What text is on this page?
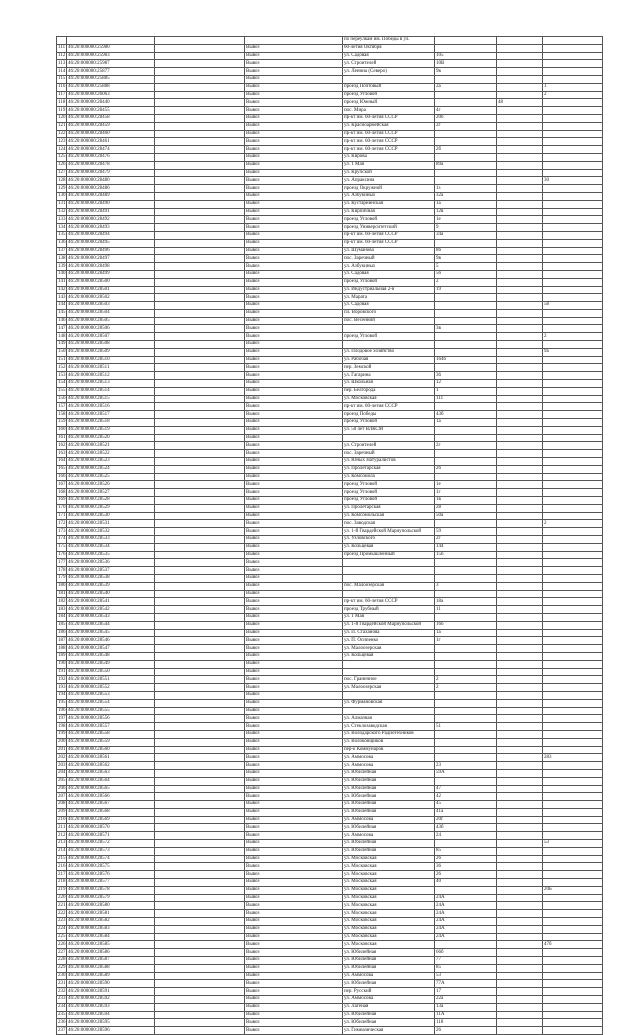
				по переулкам им. Победы в ул.			
111	46:20:000000:25980		Вывоз	60-летия Октября			
112	46:20:000000:25983		Вывоз	ул. Садовая	105		
113	46:20:000000:25987		Вывоз	ул. Строителей	10В		
114	46:20:000000:25877		Вывоз	ул. Ленина (Северо)	9в		
115	46:20:000000:25885		Вывоз				
116	46:20:000000:25888		Вывоз	проезд Почтовый	2а		1
117	46:20:000000:26063		Вывоз	проезд Угловой			2
118	46:20:000000:28440		Вывоз	проезд Южный		48	
119	46:20:000000:28455		Вывоз	пос. Мира	4г		
120	46:20:000000:28458		Вывоз	пр-кт им. 60-летия СССР	20б		
121	46:20:000000:28459		Вывоз	ул. Красноармейская	2г		
122	46:20:000000:28460		Вывоз	пр-кт им. 60-летия СССР			
123	46:20:000000:28461		Вывоз	пр-кт им. 60-летия СССР			
124	46:20:000000:28474		Вывоз	пр-кт им. 60-летия СССР	2б		
125	46:20:000000:28476		Вывоз	ул. Кирова			
126	46:20:000000:28478		Вывоз	ул. 1 Мая	89а		
127	46:20:000000:28479		Вывоз	ул. Крупской			
128	46:20:000000:28480		Вывоз	ул. Апраксина			30
129	46:20:000000:28486		Вывоз	проезд Окружной	1з		
130	46:20:000000:28489		Вывоз	ул. Азбукиных	32а		
131	46:20:000000:28490		Вывоз	ул. Кустарнинская	1а		
132	46:20:000000:28491		Вывоз	ул. Кирпичная	12в		
133	46:20:000000:28492		Вывоз	проезд Угловой	1е		
134	46:20:000000:28493		Вывоз	проезд Университетский	9		
135	46:20:000000:28494		Вывоз	пр-кт им. 60-летия СССР	34а		
136	46:20:000000:28495		Вывоз	пр-кт им. 60-летия СССР			
137	46:20:000000:28496		Вывоз	ул. Шуманова	86		
138	46:20:000000:28497		Вывоз	пос. Заречный	9в		
139	46:20:000000:28498		Вывоз	ул. Азбукиных	5		
140	46:20:000000:28499		Вывоз	ул. Садовая	56		
141	46:20:000000:28500		Вывоз	проезд Угловой	2		
142	46:20:000000:28501		Вывоз	ул. Индустриальная 2-я	19		
143	46:20:000000:28502		Вывоз	ул. Марата			
144	46:20:000000:28503		Вывоз	ул. Садовая			58
145	46:20:000000:28504		Вывоз	пл. Воровского			
146	46:20:000000:28505		Вывоз	пос. Весенний			
147	46:20:000000:28506		Вывоз		3в		
148	46:20:000000:28507		Вывоз	проезд Угловой			2
149	46:20:000000:28508		Вывоз				
150	46:20:000000:28509		Вывоз	ул. Плодовое хозяйство			9а
151	46:20:000000:28510		Вывоз	ул. Рабочая	164б		
152	46:20:000000:28511		Вывоз	пер. Земской			
153	46:20:000000:28512		Вывоз	ул. Гагарина	36		
154	46:20:000000:28513		Вывоз	ул. Школьная	12		
155	46:20:000000:28514		Вывоз	пер. Белгорода	1		
156	46:20:000000:28515		Вывоз	ул. Московская	111		
157	46:20:000000:28516		Вывоз	пр-кт им. 60-летия СССР			
158	46:20:000000:28517		Вывоз	проезд Победы	43б		
159	46:20:000000:28518		Вывоз	проезд Угловой	1а		
160	46:20:000000:28519		Вывоз	ул. 50 лет ВЛКСМ			
161	46:20:000000:28520		Вывоз				
162	46:20:000000:28521		Вывоз	ул. Строителей	2г		
163	46:20:000000:28522		Вывоз	пос. Заречный			
164	46:20:000000:28523		Вывоз	ул. Юных Натуралистов			
165	46:20:000000:28524		Вывоз	ул. Пролетарская	26		
166	46:20:000000:28525		Вывоз	ул. Комсомола			
167	46:20:000000:28526		Вывоз	проезд Угловой	1е		
168	46:20:000000:28527		Вывоз	проезд Угловой	1г		
169	46:20:000000:28528		Вывоз	проезд Угловой	1в		
170	46:20:000000:28529		Вывоз	ул. Пролетарская	28		
171	46:20:000000:28530		Вывоз	ул. Комсомольская	50а		
172	46:20:000000:28531		Вывоз	пос. Заводская			2
173	46:20:000000:28532		Вывоз	ул. 1-й Гвардейской Мариупольской	59		
174	46:20:000000:28533		Вывоз	ул. Узловского	2г		
175	46:20:000000:28534		Вывоз	ул. Кольцевая	144		
176	46:20:000000:28535		Вывоз	проезд Промышленный	15б		
177	46:20:000000:28536		Вывоз				
178	46:20:000000:28537		Вывоз				
179	46:20:000000:28538		Вывоз				
180	46:20:000000:28539		Вывоз	пос. Малоозерская	3		
181	46:20:000000:28540		Вывоз				
182	46:20:000000:28541		Вывоз	пр-кт им. 60-летия СССР	18а		
183	46:20:000000:28542		Вывоз	проезд Трубный	11		
184	46:20:000000:28543		Вывоз	ул. 1 Мая			
185	46:20:000000:28544		Вывоз	ул. 1-й Гвардейской Мариупольской	16б		
186	46:20:000000:28545		Вывоз	ул. П. Стаханова	1а		
187	46:20:000000:28546		Вывоз	ул. П. Осипенко	1г		
188	46:20:000000:28547		Вывоз	ул. Малоозерская			
189	46:20:000000:28548		Вывоз	ул. Кольцевая			
190	46:20:000000:28549		Вывоз				
191	46:20:000000:28550		Вывоз				
192	46:20:000000:28551		Вывоз	пос. Граничное	2		
193	46:20:000000:28552		Вывоз	ул. Малоозерская	2		
194	46:20:000000:28553		Вывоз				
195	46:20:000000:28554		Вывоз	ул. Фурмановская			
196	46:20:000000:28555		Вывоз				
197	46:20:000000:28556		Вывоз	ул. Алмазная			
198	46:20:000000:28557		Вывоз	ул. Стеклозаводская	51		
199	46:20:000000:28558		Вывоз	ул. Володарского Радиотехников			
200	46:20:000000:28559		Вывоз	ул. Волоконщиков			
201	46:20:000000:28560		Вывоз	пер-к Коммунаров			
202	46:20:000000:28561		Вывоз	ул. Аммосова			283
203	46:20:000000:28562		Вывоз	ул. Аммосова	23		
204	46:20:000000:28563		Вывоз	ул. Юбилейная	59А		
205	46:20:000000:28564		Вывоз	ул. Юбилейная			
206	46:20:000000:28565		Вывоз	ул. Юбилейная	47		
207	46:20:000000:28566		Вывоз	ул. Юбилейная	42		
208	46:20:000000:28567		Вывоз	ул. Юбилейная	45		
209	46:20:000000:28568		Вывоз	ул. Юбилейная	41а		
210	46:20:000000:28569		Вывоз	ул. Аммосова	20г		
211	46:20:000000:28570		Вывоз	ул. Юбилейная	43б		
212	46:20:000000:28571		Вывоз	ул. Аммосова	24		
213	46:20:000000:28572		Вывоз	ул. Юбилейная			53
214	46:20:000000:28573		Вывоз	ул. Юбилейная	85		
215	46:20:000000:28574		Вывоз	ул. Московская	26		
216	46:20:000000:28575		Вывоз	ул. Московская	36		
217	46:20:000000:28576		Вывоз	ул. Московская	26		
218	46:20:000000:28577		Вывоз	ул. Московская	40		
219	46:20:000000:28578		Вывоз	ул. Московская			20Б
220	46:20:000000:28579		Вывоз	ул. Московская	24А		
221	46:20:000000:28580		Вывоз	ул. Московская	24А		
222	46:20:000000:28581		Вывоз	ул. Московская	24А		
223	46:20:000000:28582		Вывоз	ул. Московская	24А		
224	46:20:000000:28583		Вывоз	ул. Московская	24А		
225	46:20:000000:28584		Вывоз	ул. Московская	24А		
226	46:20:000000:28585		Вывоз	ул. Московская			47б
227	46:20:000000:28586		Вывоз	ул. Юбилейная	66б		
228	46:20:000000:28587		Вывоз	ул. Юбилейная	77		
229	46:20:000000:28588		Вывоз	ул. Юбилейная	85		
230	46:20:000000:28589		Вывоз	ул. Аммосова	53		
231	46:20:000000:28590		Вывоз	ул. Юбилейная	77А		
232	46:20:000000:28591		Вывоз	пер. Русский	17		
233	46:20:000000:28592		Вывоз	ул. Аммосова	22а		
234	46:20:000000:28593		Вывоз	ул. Лагеная	13а		
235	46:20:000000:28594		Вывоз	ул. Юбилейная	11А		
236	46:20:000000:28595		Вывоз	ул. Юбилейная	118		
237	46:20:000000:28596		Вывоз	ул. Гимназическая	26		
